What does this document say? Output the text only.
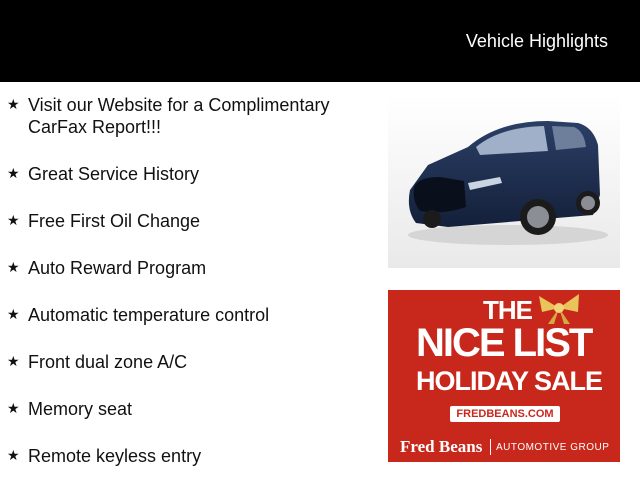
Vehicle Highlights
★ Visit our Website for a Complimentary CarFax Report!!!
★ Great Service History
★ Free First Oil Change
★ Auto Reward Program
★ Automatic temperature control
★ Front dual zone A/C
★ Memory seat
★ Remote keyless entry
THE
NICE LIST
HOLIDAY SALE
FREDBEANS.COM
Fred Beans AUTOMOTIVE GROUP
